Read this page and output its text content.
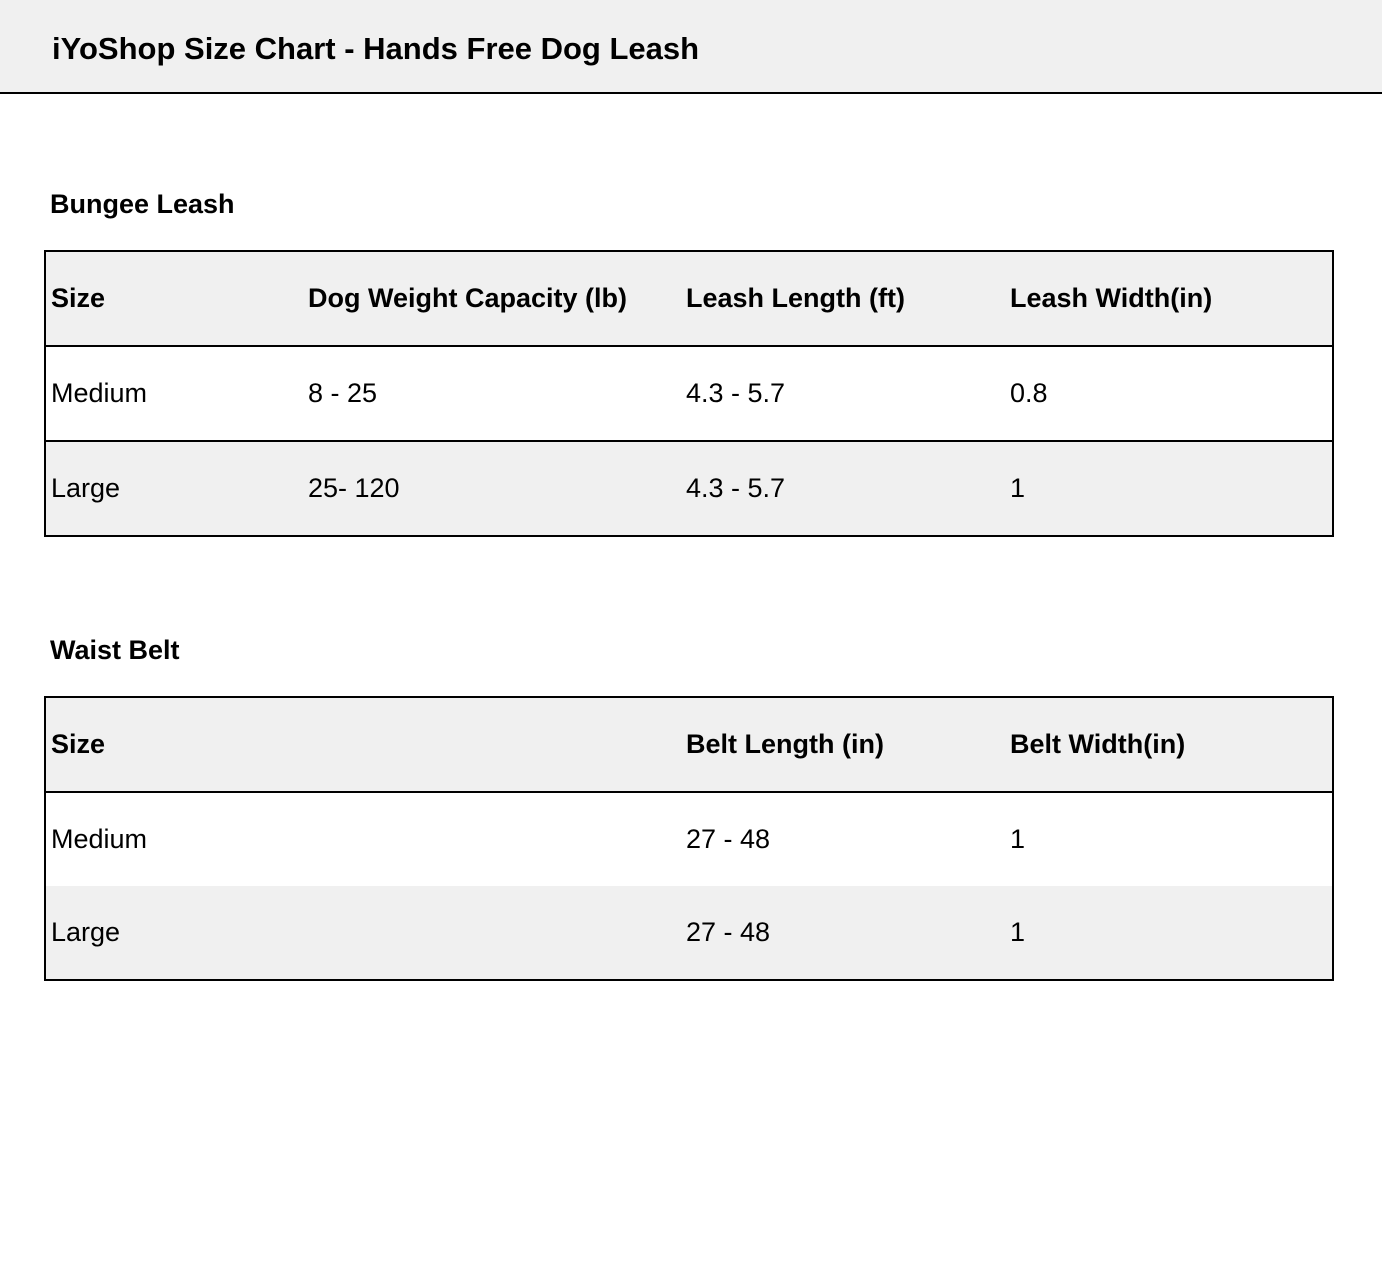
iYoShop Size Chart - Hands Free Dog Leash
Bungee Leash
Size	Dog Weight Capacity (lb)	Leash Length (ft)	Leash Width(in)
Medium	8 - 25	4.3 - 5.7	0.8
Large	25- 120	4.3 - 5.7	1
Waist Belt
Size		Belt Length (in)	Belt Width(in)
Medium		27 - 48	1
Large		27 - 48	1
